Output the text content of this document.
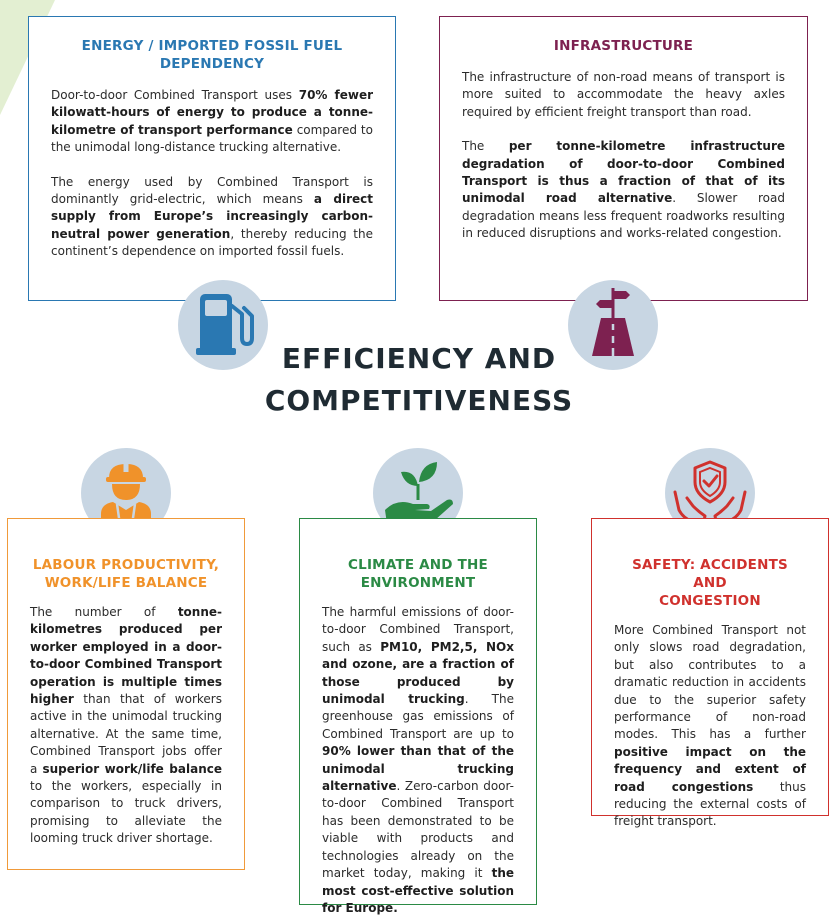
ENERGY / IMPORTED FOSSIL FUEL
DEPENDENCY

Door-to-door Combined Transport uses 70% fewer kilowatt-hours of energy to produce a tonne-kilometre of transport performance compared to the unimodal long-distance trucking alternative.

The energy used by Combined Transport is dominantly grid-electric, which means a direct supply from Europe’s increasingly carbon-neutral power generation, thereby reducing the continent’s dependence on imported fossil fuels.

INFRASTRUCTURE

The infrastructure of non-road means of transport is more suited to accommodate the heavy axles required by efficient freight transport than road.

The per tonne-kilometre infrastructure degradation of door-to-door Combined Transport is thus a fraction of that of its unimodal road alternative. Slower road degradation means less frequent roadworks resulting in reduced disruptions and works-related congestion.

EFFICIENCY AND
COMPETITIVENESS
LABOUR PRODUCTIVITY,
WORK/LIFE BALANCE

The number of tonne-kilometres produced per worker employed in a door-to-door Combined Transport operation is multiple times higher than that of workers active in the unimodal trucking alternative. At the same time, Combined Transport jobs offer a superior work/life balance to the workers, especially in comparison to truck drivers, promising to alleviate the looming truck driver shortage.

CLIMATE AND THE
ENVIRONMENT

The harmful emissions of door-to-door Combined Transport, such as PM10, PM2,5, NOx and ozone, are a fraction of those produced by unimodal trucking. The greenhouse gas emissions of Combined Transport are up to 90% lower than that of the unimodal trucking alternative. Zero-carbon door-to-door Combined Transport has been demonstrated to be viable with products and technologies already on the market today, making it the most cost-effective solution for Europe.

SAFETY: ACCIDENTS AND
CONGESTION

More Combined Transport not only slows road degradation, but also contributes to a dramatic reduction in accidents due to the superior safety performance of non-road modes. This has a further positive impact on the frequency and extent of road congestions thus reducing the external costs of freight transport.
